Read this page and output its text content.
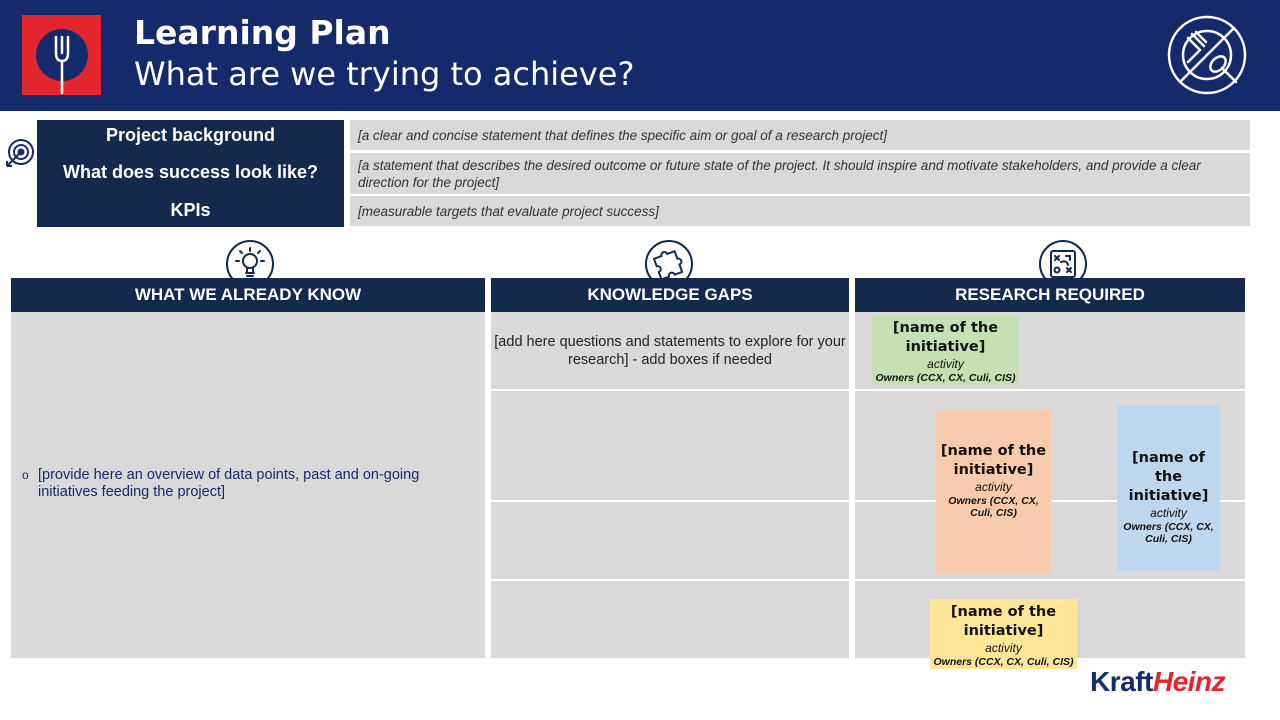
Learning Plan
What are we trying to achieve?
Project background
What does success look like?
KPIs
[a clear and concise statement that defines the specific aim or goal of a research project]
[a statement that describes the desired outcome or future state of the project. It should inspire and motivate stakeholders, and provide a clear direction for the project]
[measurable targets that evaluate project success]
WHAT WE ALREADY KNOW	KNOWLEDGE GAPS	RESEARCH REQUIRED
o [provide here an overview of data points, past and on-going initiatives feeding the project]
[add here questions and statements to explore for your research] - add boxes if needed
[name of the initiative]
activity
Owners (CCX, CX, Culi, CIS)
[name of the initiative]
activity
Owners (CCX, CX, Culi, CIS)
[name of the initiative]
activity
Owners (CCX, CX, Culi, CIS)
[name of the initiative]
activity
Owners (CCX, CX, Culi, CIS)
KraftHeinz
